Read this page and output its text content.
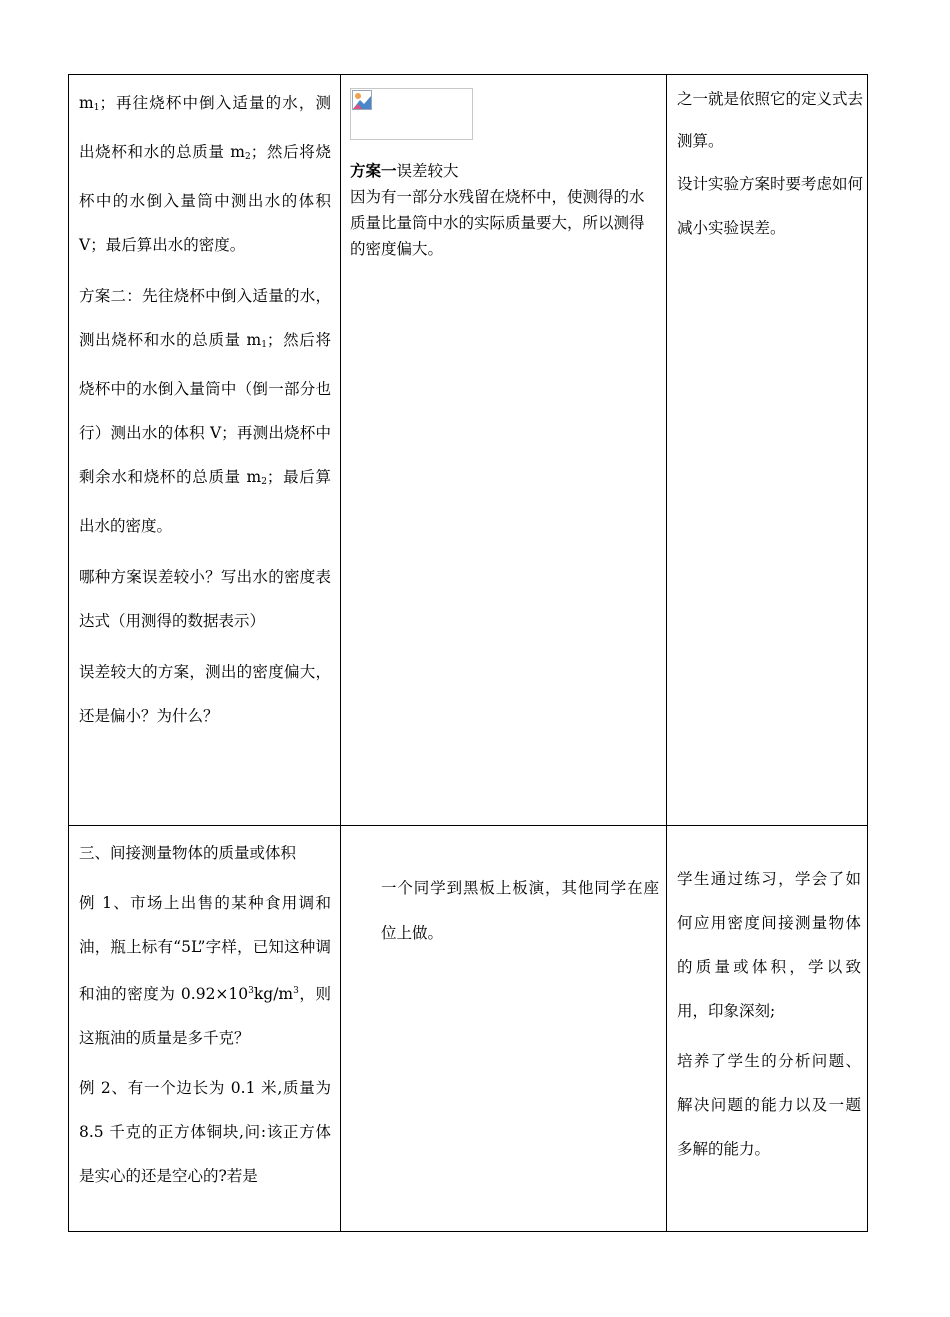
$m_1$；再往烧杯中倒入适量的水，测出烧杯和水的总质量 $m_2$；然后将烧杯中的水倒入量筒中测出水的体积 V；最后算出水的密度。

方案二：先往烧杯中倒入适量的水，测出烧杯和水的总质量 $m_1$；然后将烧杯中的水倒入量筒中（倒一部分也行）测出水的体积 V；再测出烧杯中剩余水和烧杯的总质量 $m_2$；最后算出水的密度。

哪种方案误差较小？写出水的密度表达式（用测得的数据表示）

误差较大的方案，测出的密度偏大，还是偏小？为什么？

方案一误差较大

因为有一部分水残留在烧杯中，使测得的水质量比量筒中水的实际质量要大，所以测得的密度偏大。

之一就是依照它的定义式去测算。

设计实验方案时要考虑如何减小实验误差。

三、间接测量物体的质量或体积

例 1、市场上出售的某种食用调和油，瓶上标有“5L”字样，已知这种调和油的密度为 $0.92\times 10^3kg/m^3$，则这瓶油的质量是多千克？

例 2、有一个边长为 0.1 米,质量为 8.5 千克的正方体铜块,问:该正方体是实心的还是空心的?若是

一个同学到黑板上板演，其他同学在座位上做。

学生通过练习，学会了如何应用密度间接测量物体的质量或体积，学以致用，印象深刻;

培养了学生的分析问题、解决问题的能力以及一题多解的能力。
